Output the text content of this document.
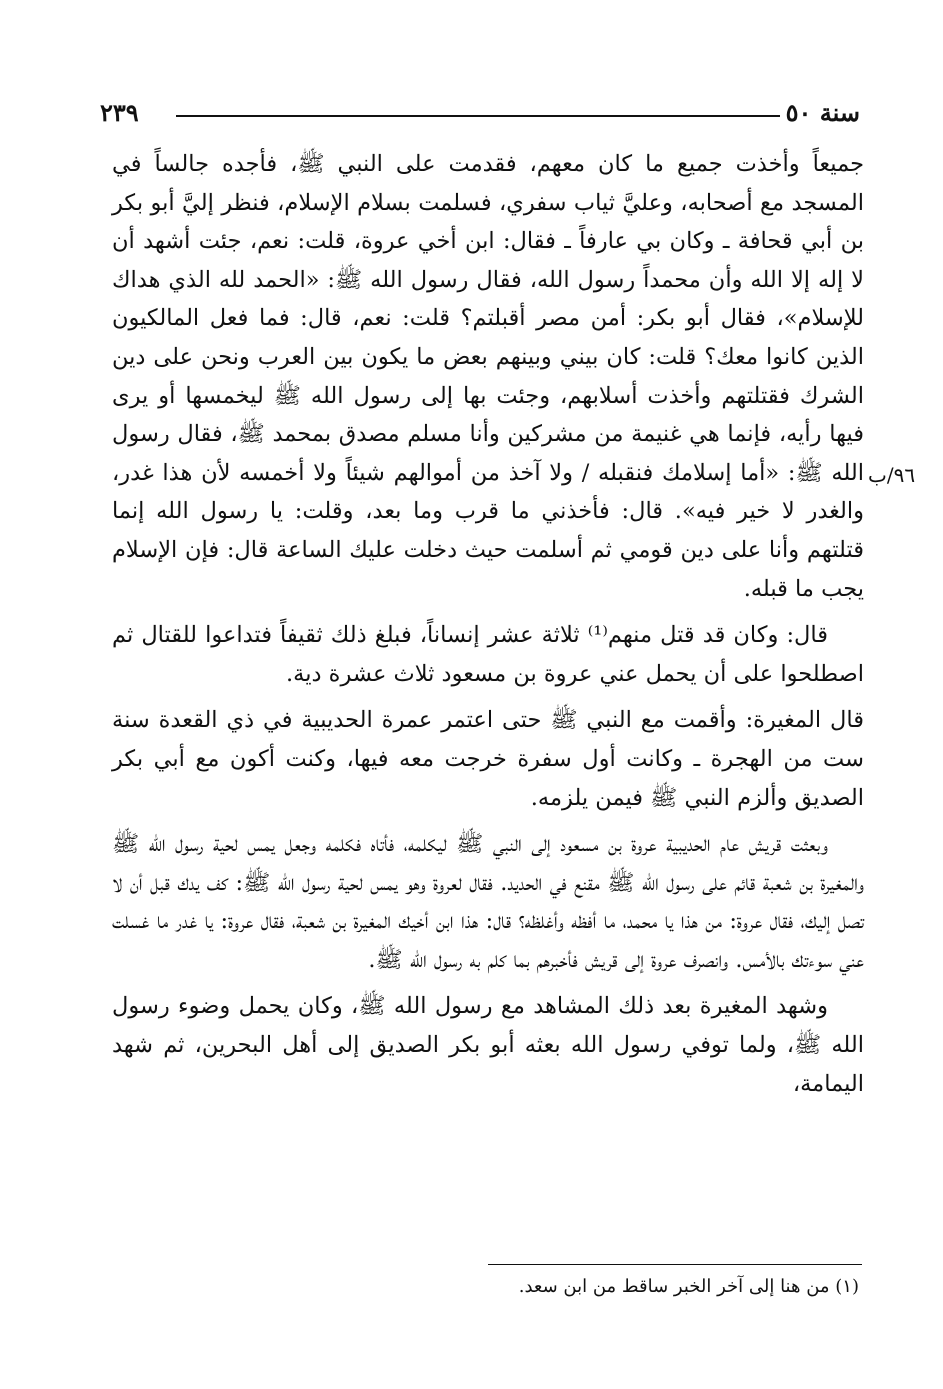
سنة ٥٠
٢٣٩

جميعاً وأخذت جميع ما كان معهم، فقدمت على النبي ﷺ، فأجده جالساً في المسجد مع أصحابه، وعليَّ ثياب سفري، فسلمت بسلام الإسلام، فنظر إليَّ أبو بكر بن أبي قحافة ـ وكان بي عارفاً ـ فقال: ابن أخي عروة، قلت: نعم، جئت أشهد أن لا إله إلا الله وأن محمداً رسول الله، فقال رسول الله ﷺ: «الحمد لله الذي هداك للإسلام»، فقال أبو بكر: أمن مصر أقبلتم؟ قلت: نعم، قال: فما فعل المالكيون الذين كانوا معك؟ قلت: كان بيني وبينهم بعض ما يكون بين العرب ونحن على دين الشرك فقتلتهم وأخذت أسلابهم، وجئت بها إلى رسول الله ﷺ ليخمسها أو يرى فيها رأيه، فإنما هي غنيمة من مشركين وأنا مسلم مصدق بمحمد ﷺ، فقال رسول الله ﷺ: «أما إسلامك فنقبله / ولا آخذ من أموالهم شيئاً ولا أخمسه لأن هذا غدر، والغدر لا خير فيه». قال: فأخذني ما قرب وما بعد، وقلت: يا رسول الله إنما قتلتهم وأنا على دين قومي ثم أسلمت حيث دخلت عليك الساعة قال: فإن الإسلام يجب ما قبله.

قال: وكان قد قتل منهم⁽¹⁾ ثلاثة عشر إنساناً، فبلغ ذلك ثقيفاً فتداعوا للقتال ثم اصطلحوا على أن يحمل عني عروة بن مسعود ثلاث عشرة دية.

قال المغيرة: وأقمت مع النبي ﷺ حتى اعتمر عمرة الحديبية في ذي القعدة سنة ست من الهجرة ـ وكانت أول سفرة خرجت معه فيها، وكنت أكون مع أبي بكر الصديق وألزم النبي ﷺ فيمن يلزمه.

وبعثت قريش عام الحديبية عروة بن مسعود إلى النبي ﷺ ليكلمه، فأتاه فكلمه وجعل يمس لحية رسول الله ﷺ والمغيرة بن شعبة قائم على رسول الله ﷺ مقنع في الحديد. فقال لعروة وهو يمس لحية رسول الله ﷺ: كف يدك قبل أن لا تصل إليك، فقال عروة: من هذا يا محمد، ما أفظه وأغلظه؟ قال: هذا ابن أخيك المغيرة بن شعبة، فقال عروة: يا غدر ما غسلت عني سوءتك بالأمس. وانصرف عروة إلى قريش فأخبرهم بما كلم به رسول الله ﷺ.

وشهد المغيرة بعد ذلك المشاهد مع رسول الله ﷺ، وكان يحمل وضوء رسول الله ﷺ، ولما توفي رسول الله بعثه أبو بكر الصديق إلى أهل البحرين، ثم شهد اليمامة،

٩٦/ب
(١) من هنا إلى آخر الخبر ساقط من ابن سعد.
